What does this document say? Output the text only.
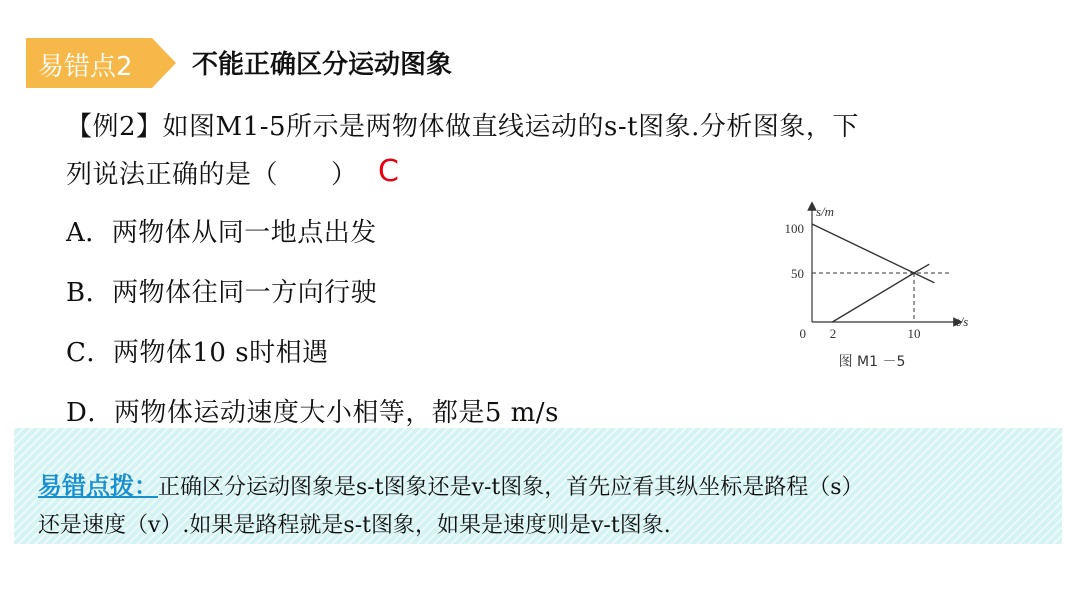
易错点2 不能正确区分运动图象
【例2】如图M1-5所示是两物体做直线运动的s-t图象.分析图象，下
列说法正确的是（　　） C
A．两物体从同一地点出发
B．两物体往同一方向行驶
C．两物体10 s时相遇
D．两物体运动速度大小相等，都是5 m/s
s/m
t/s
100
50
0 2	10
图 M1 －5
易错点拨：正确区分运动图象是s-t图象还是v-t图象，首先应看其纵坐标是路程（s）
还是速度（v）.如果是路程就是s-t图象，如果是速度则是v-t图象.
